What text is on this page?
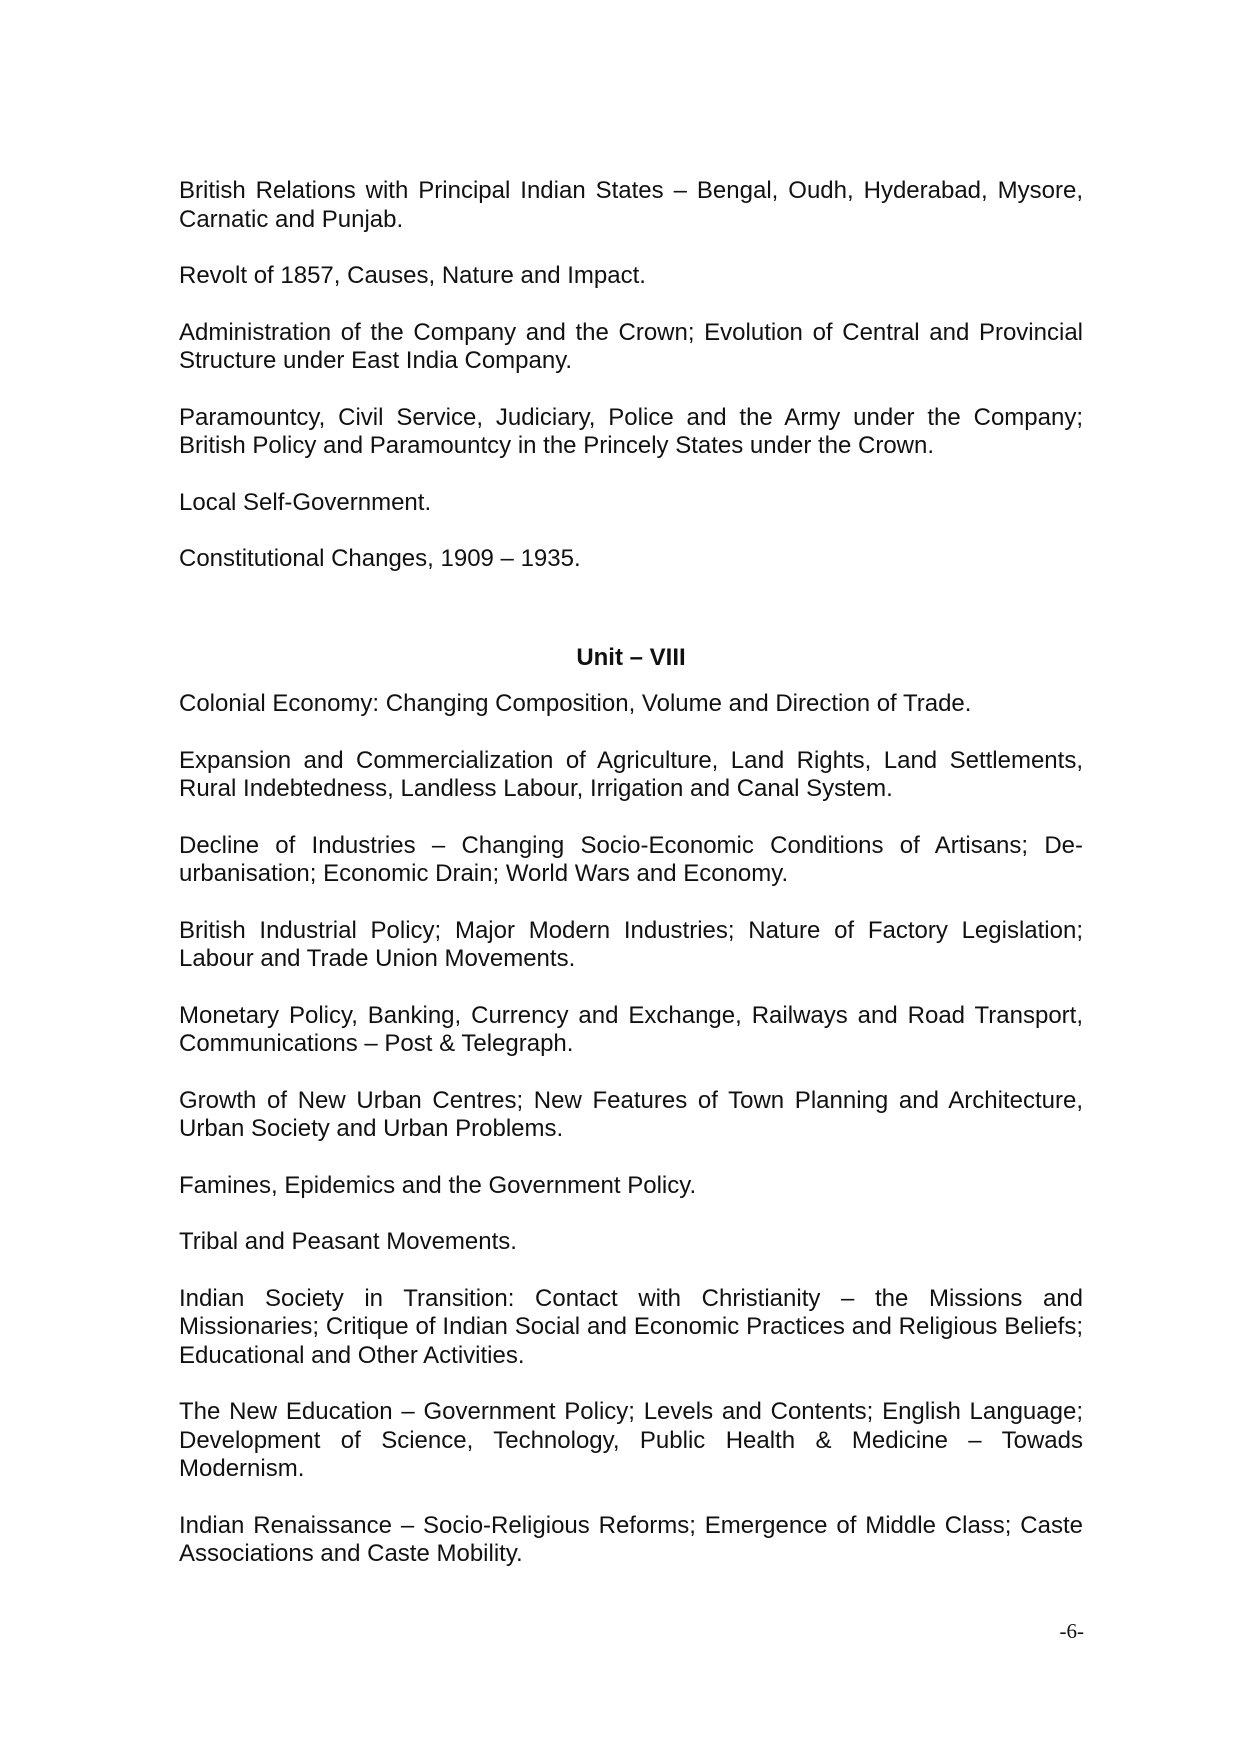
British Relations with Principal Indian States – Bengal, Oudh, Hyderabad, Mysore, Carnatic and Punjab.

Revolt of 1857, Causes, Nature and Impact.

Administration of the Company and the Crown; Evolution of Central and Provincial Structure under East India Company.

Paramountcy, Civil Service, Judiciary, Police and the Army under the Company; British Policy and Paramountcy in the Princely States under the Crown.

Local Self-Government.

Constitutional Changes, 1909 – 1935.

Unit – VIII

Colonial Economy: Changing Composition, Volume and Direction of Trade.

Expansion and Commercialization of Agriculture, Land Rights, Land Settlements, Rural Indebtedness, Landless Labour, Irrigation and Canal System.

Decline of Industries – Changing Socio-Economic Conditions of Artisans; De-urbanisation; Economic Drain; World Wars and Economy.

British Industrial Policy; Major Modern Industries; Nature of Factory Legislation; Labour and Trade Union Movements.

Monetary Policy, Banking, Currency and Exchange, Railways and Road Transport, Communications – Post & Telegraph.

Growth of New Urban Centres; New Features of Town Planning and Architecture, Urban Society and Urban Problems.

Famines, Epidemics and the Government Policy.

Tribal and Peasant Movements.

Indian Society in Transition: Contact with Christianity – the Missions and Missionaries; Critique of Indian Social and Economic Practices and Religious Beliefs; Educational and Other Activities.

The New Education – Government Policy; Levels and Contents; English Language; Development of Science, Technology, Public Health & Medicine – Towads Modernism.

Indian Renaissance – Socio-Religious Reforms; Emergence of Middle Class; Caste Associations and Caste Mobility.

-6-
